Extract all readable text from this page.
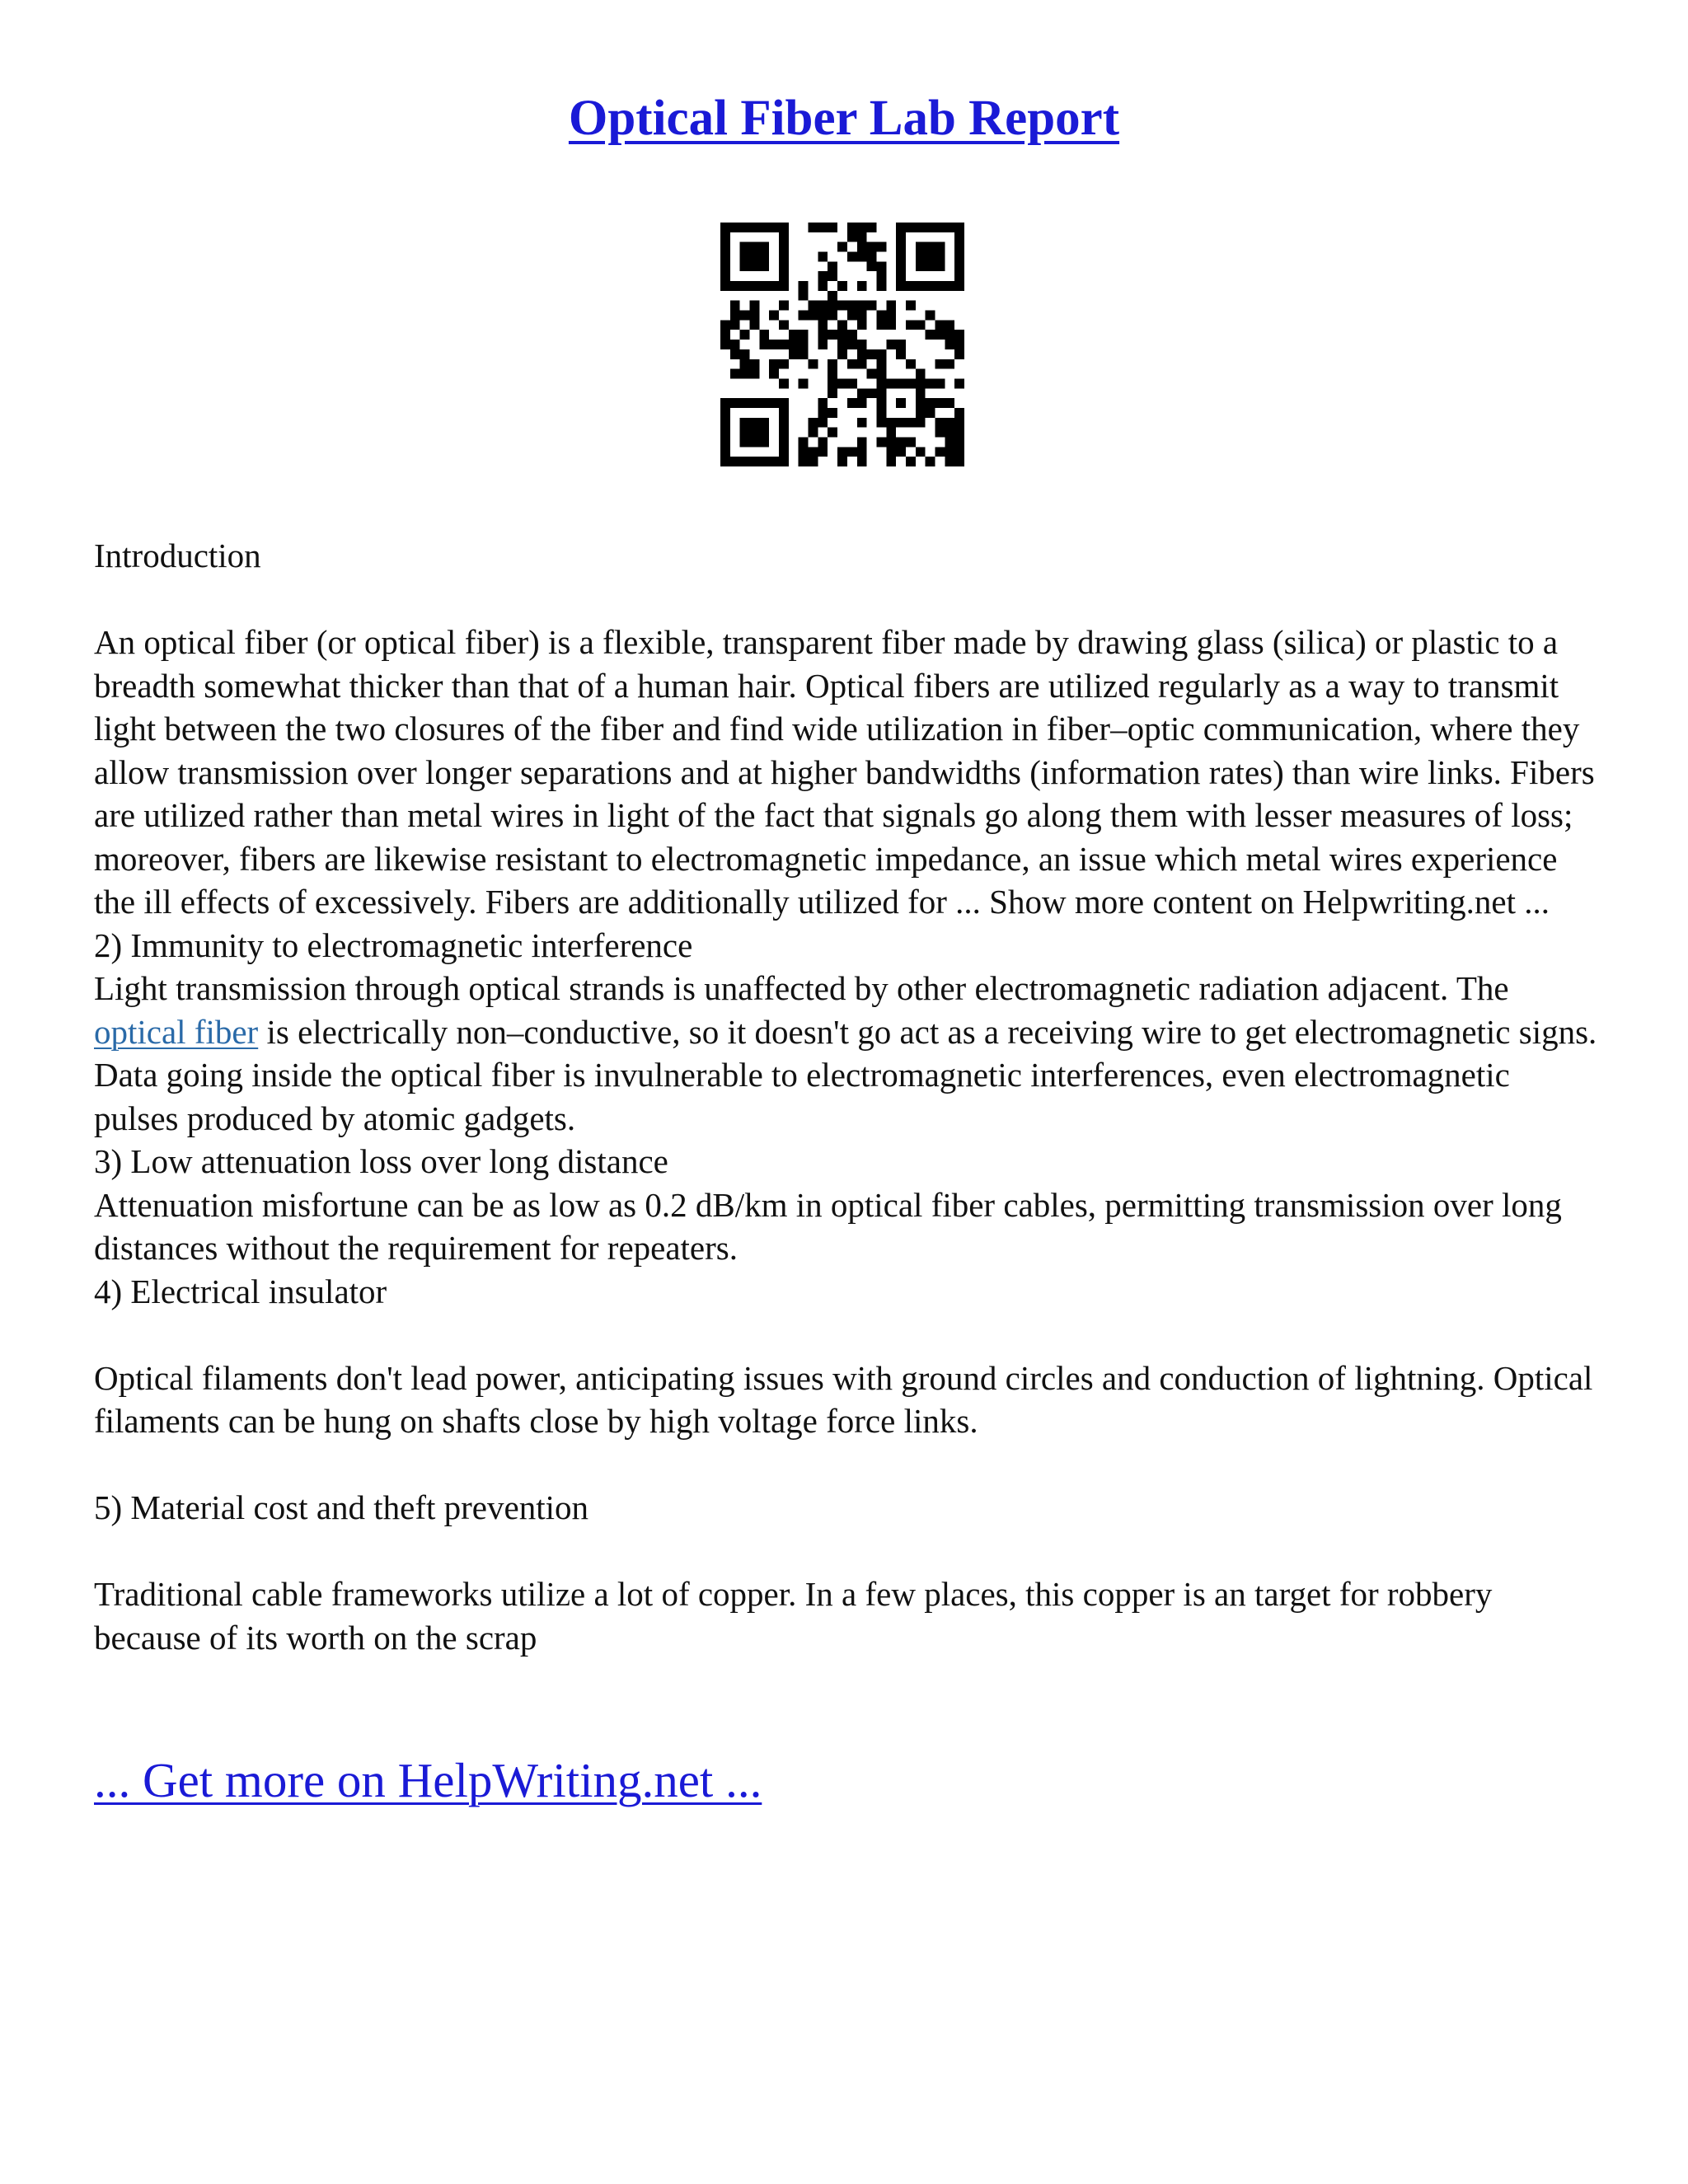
Optical Fiber Lab Report

Introduction

An optical fiber (or optical fiber) is a flexible, transparent fiber made by drawing glass (silica) or plastic to a breadth somewhat thicker than that of a human hair. Optical fibers are utilized regularly as a way to transmit light between the two closures of the fiber and find wide utilization in fiber–optic communication, where they allow transmission over longer separations and at higher bandwidths (information rates) than wire links. Fibers are utilized rather than metal wires in light of the fact that signals go along them with lesser measures of loss; moreover, fibers are likewise resistant to electromagnetic impedance, an issue which metal wires experience the ill effects of excessively. Fibers are additionally utilized for ... Show more content on Helpwriting.net ...

2) Immunity to electromagnetic interference

Light transmission through optical strands is unaffected by other electromagnetic radiation adjacent. The optical fiber is electrically non–conductive, so it doesn't go act as a receiving wire to get electromagnetic signs. Data going inside the optical fiber is invulnerable to electromagnetic interferences, even electromagnetic pulses produced by atomic gadgets.

3) Low attenuation loss over long distance

Attenuation misfortune can be as low as 0.2 dB/km in optical fiber cables, permitting transmission over long distances without the requirement for repeaters.

4) Electrical insulator

Optical filaments don't lead power, anticipating issues with ground circles and conduction of lightning. Optical filaments can be hung on shafts close by high voltage force links.

5) Material cost and theft prevention

Traditional cable frameworks utilize a lot of copper. In a few places, this copper is an target for robbery because of its worth on the scrap

... Get more on HelpWriting.net ...
